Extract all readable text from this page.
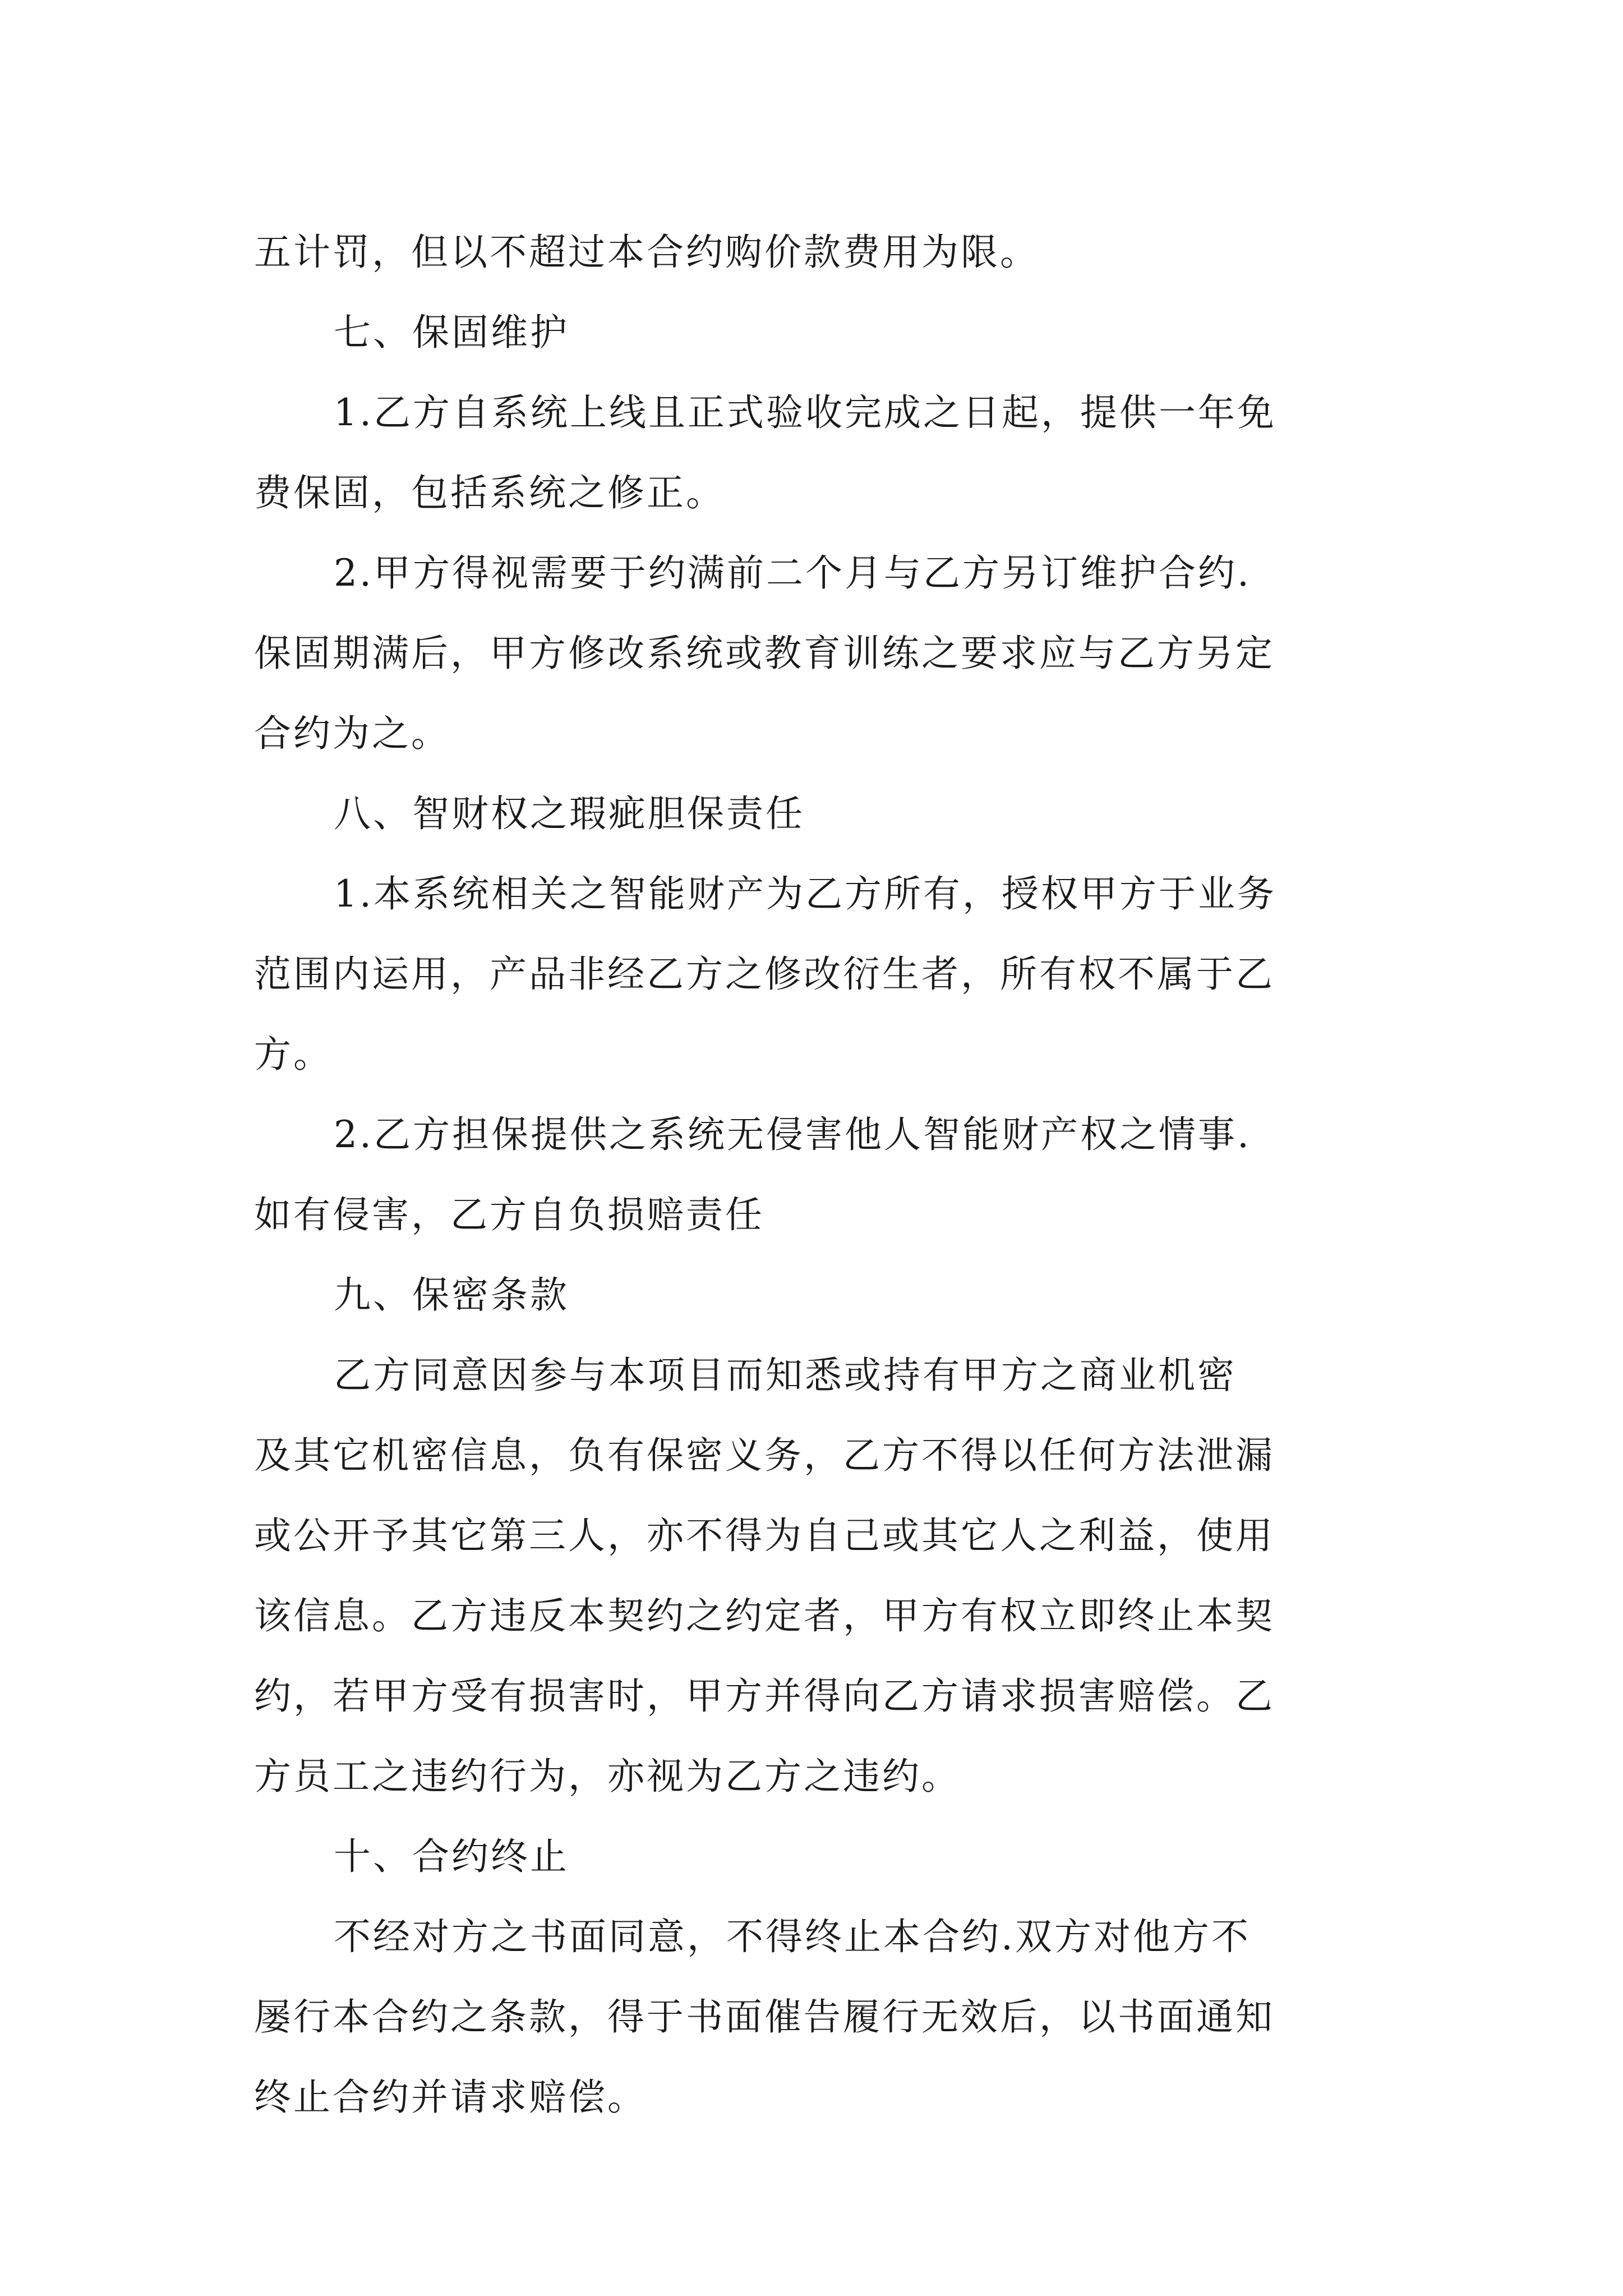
五计罚，但以不超过本合约购价款费用为限。
七、保固维护
1.乙方自系统上线且正式验收完成之日起，提供一年免
费保固，包括系统之修正。
2.甲方得视需要于约满前二个月与乙方另订维护合约.
保固期满后，甲方修改系统或教育训练之要求应与乙方另定
合约为之。
八、智财权之瑕疵胆保责任
1.本系统相关之智能财产为乙方所有，授权甲方于业务
范围内运用，产品非经乙方之修改衍生者，所有权不属于乙
方。
2.乙方担保提供之系统无侵害他人智能财产权之情事.
如有侵害，乙方自负损赔责任
九、保密条款
乙方同意因参与本项目而知悉或持有甲方之商业机密
及其它机密信息，负有保密义务，乙方不得以任何方法泄漏
或公开予其它第三人，亦不得为自己或其它人之利益，使用
该信息。乙方违反本契约之约定者，甲方有权立即终止本契
约，若甲方受有损害时，甲方并得向乙方请求损害赔偿。乙
方员工之违约行为，亦视为乙方之违约。
十、合约终止
不经对方之书面同意，不得终止本合约.双方对他方不
屡行本合约之条款，得于书面催告履行无效后，以书面通知
终止合约并请求赔偿。
